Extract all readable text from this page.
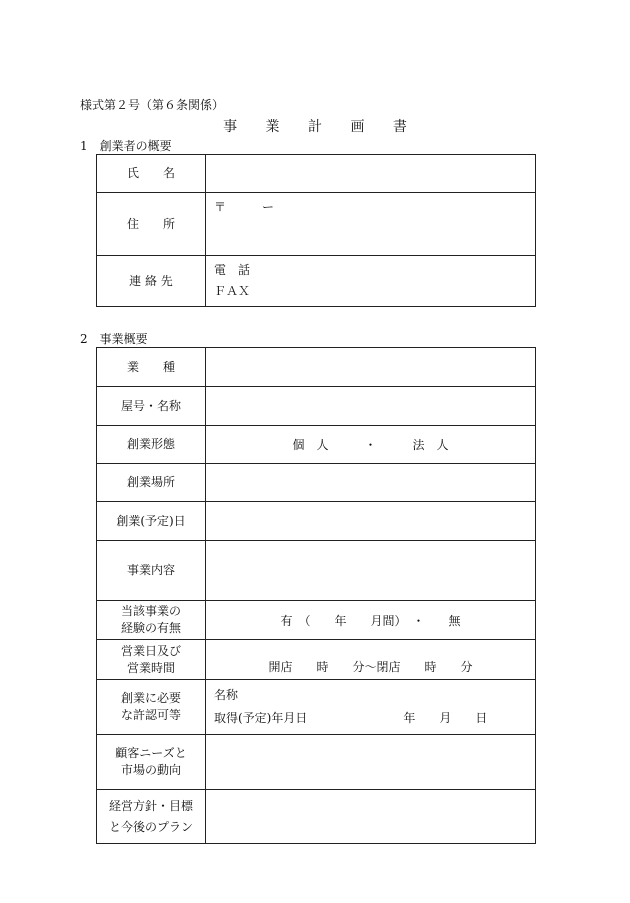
様式第２号（第６条関係）
事 業 計 画 書
1　創業者の概要
氏　　名	
住　　所	〒　　　ー

連 絡 先	電　話
ＦＡＸ
2　事業概要
業　　種	
屋号・名称	
創業形態	個　人　　　・　　　法　人
創業場所	
創業(予定)日	
事業内容	

当該事業の
経験の有無	有　（　　年　　月間）　・　　無

営業日及び
営業時間	開店　　時　　分〜閉店　　時　　分

創業に必要
な許認可等	名称
取得(予定)年月日　　　　　　　　年　　月　　日

顧客ニーズと
市場の動向	

経営方針・目標
と今後のプラン	
